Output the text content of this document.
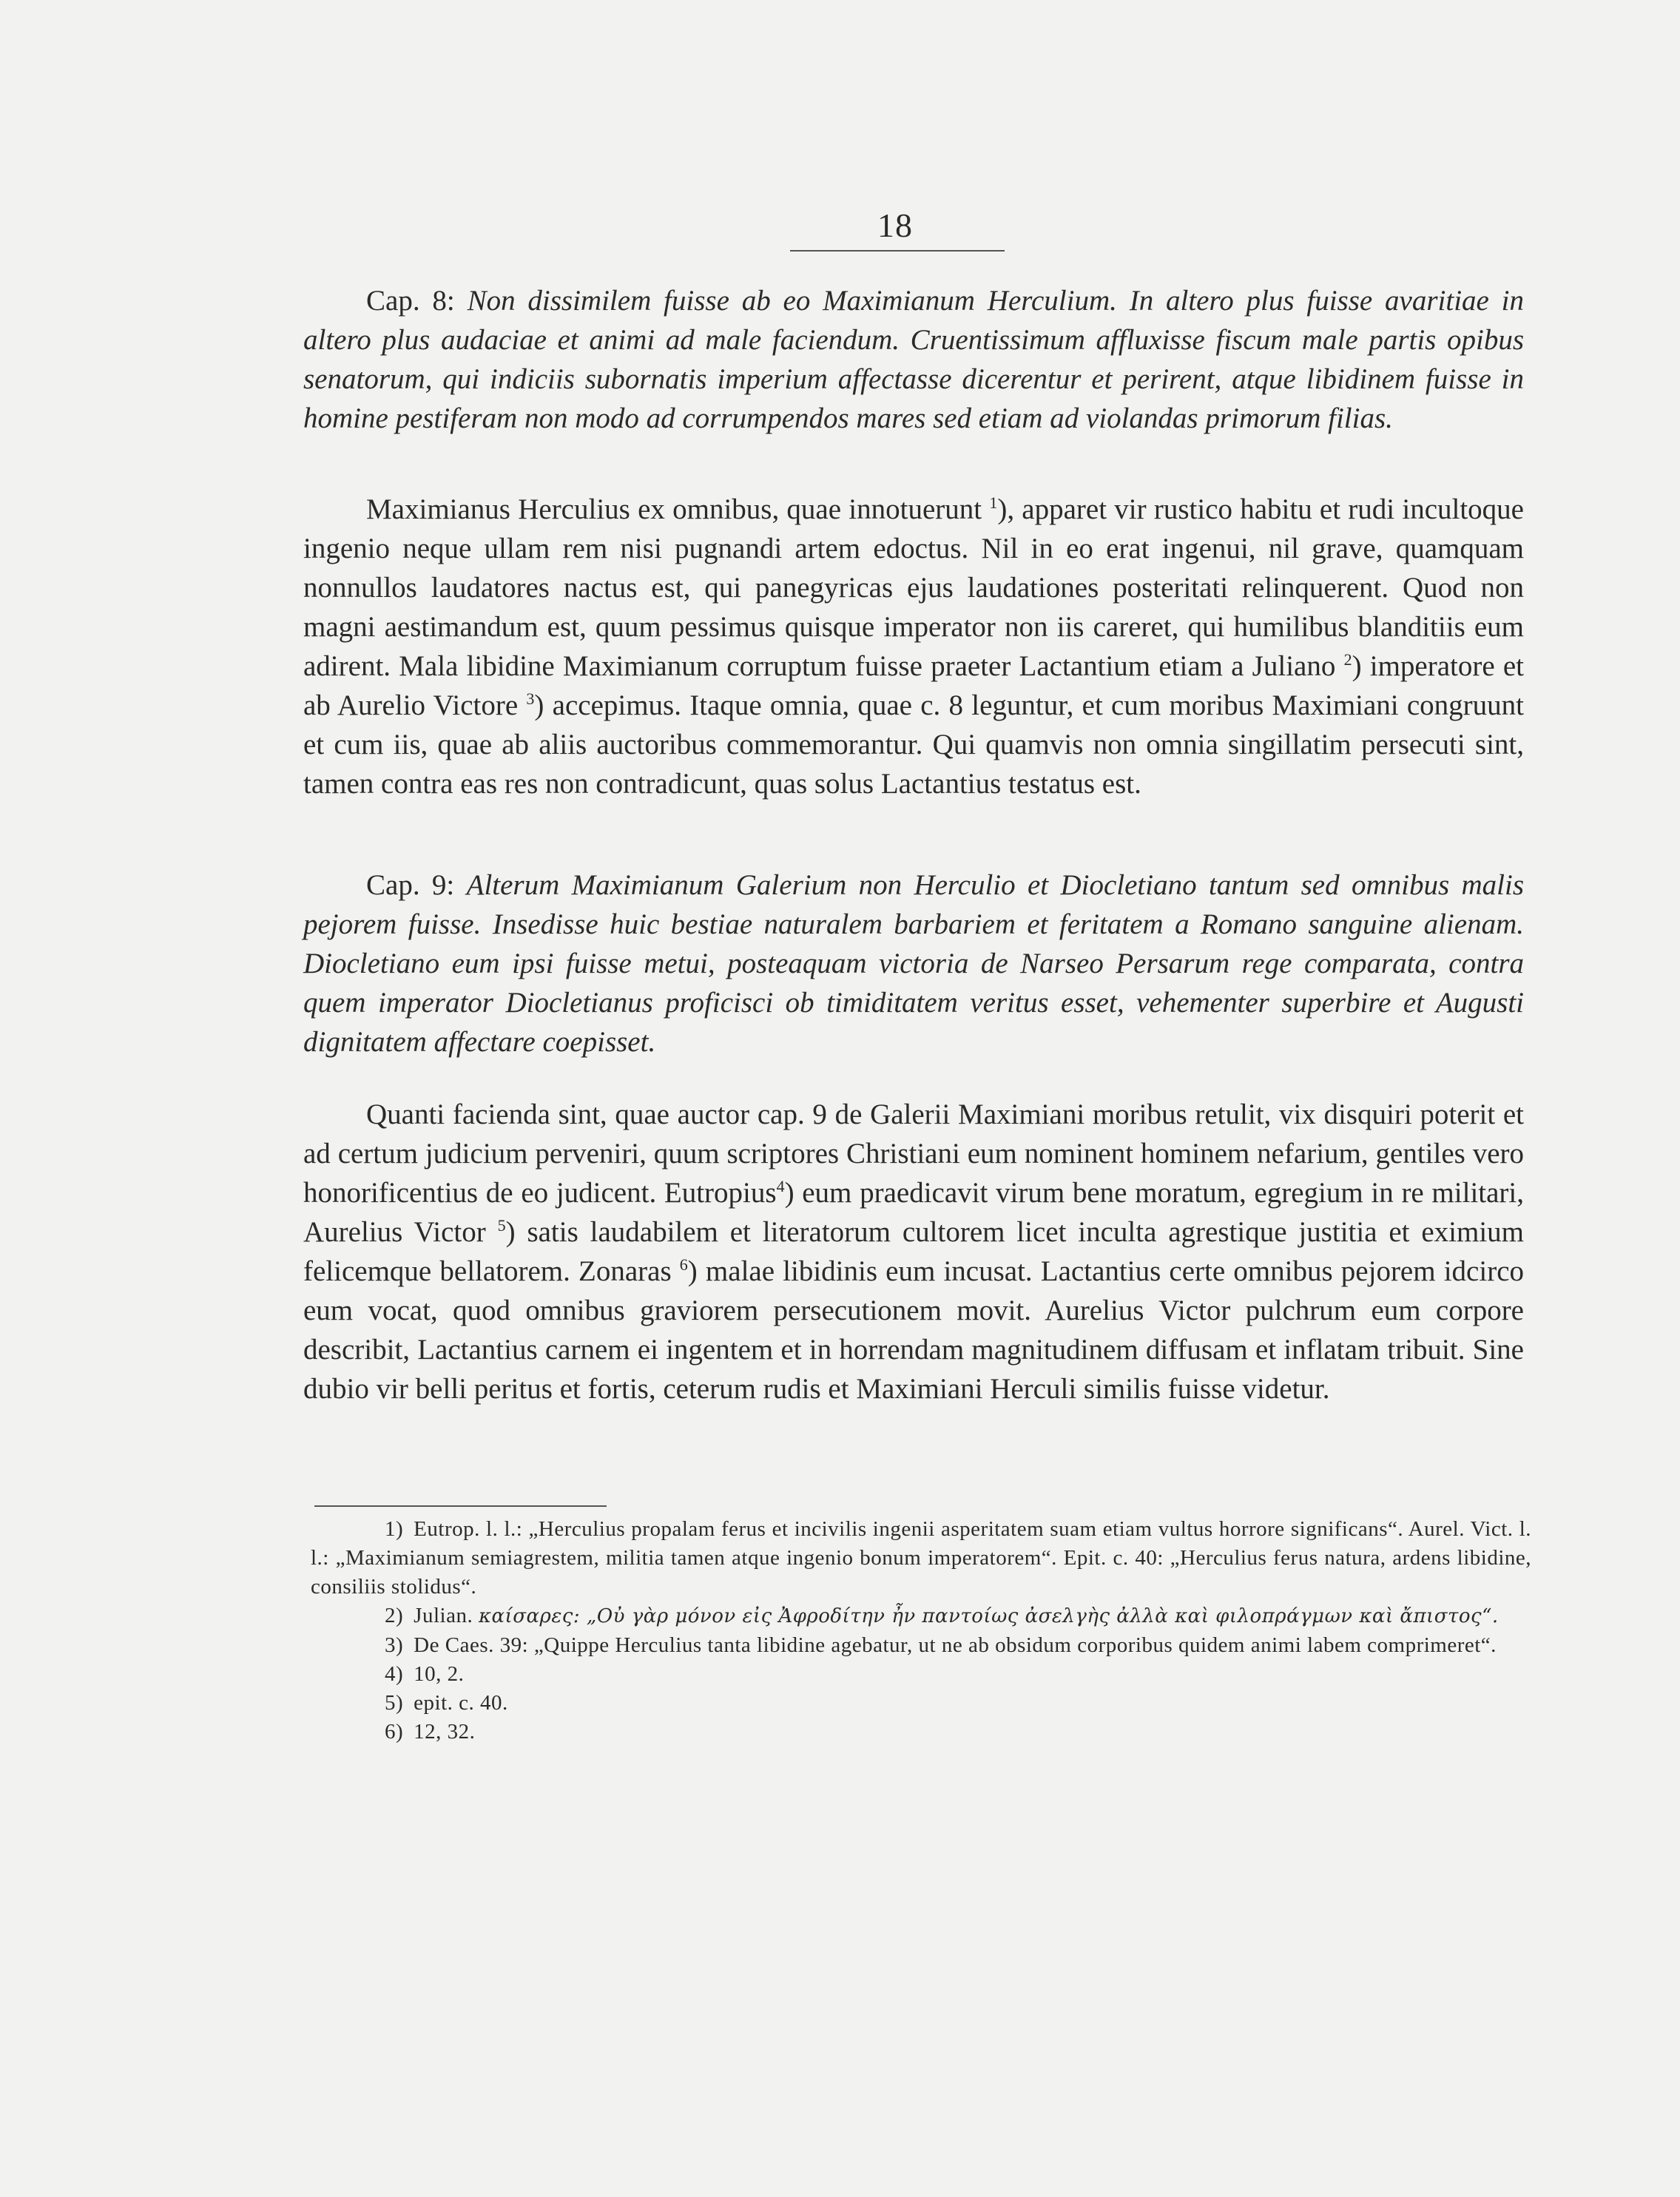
18

Cap. 8: Non dissimilem fuisse ab eo Maximianum Herculium. In altero plus fuisse avaritiae in altero plus audaciae et animi ad male faciendum. Cruentissimum affluxisse fiscum male partis opibus senatorum, qui indiciis subornatis imperium affectasse dicerentur et perirent, atque libidinem fuisse in homine pestiferam non modo ad corrumpendos mares sed etiam ad violandas primorum filias.

Maximianus Herculius ex omnibus, quae innotuerunt $^1$), apparet vir rustico habitu et rudi incultoque ingenio neque ullam rem nisi pugnandi artem edoctus. Nil in eo erat ingenui, nil grave, quamquam nonnullos laudatores nactus est, qui panegyricas ejus laudationes posteritati relinquerent. Quod non magni aestimandum est, quum pessimus quisque imperator non iis careret, qui humilibus blanditiis eum adirent. Mala libidine Maximianum corruptum fuisse praeter Lactantium etiam a Juliano $^2$) imperatore et ab Aurelio Victore $^3$) accepimus. Itaque omnia, quae c. 8 leguntur, et cum moribus Maximiani congruunt et cum iis, quae ab aliis auctoribus commemorantur. Qui quamvis non omnia singillatim persecuti sint, tamen contra eas res non contradicunt, quas solus Lactantius testatus est.

Cap. 9: Alterum Maximianum Galerium non Herculio et Diocletiano tantum sed omnibus malis pejorem fuisse. Insedisse huic bestiae naturalem barbariem et feritatem a Romano sanguine alienam. Diocletiano eum ipsi fuisse metui, posteaquam victoria de Narseo Persarum rege comparata, contra quem imperator Diocletianus proficisci ob timiditatem veritus esset, vehementer superbire et Augusti dignitatem affectare coepisset.

Quanti facienda sint, quae auctor cap. 9 de Galerii Maximiani moribus retulit, vix disquiri poterit et ad certum judicium perveniri, quum scriptores Christiani eum nominent hominem nefarium, gentiles vero honorificentius de eo judicent. Eutropius$^4$) eum praedicavit virum bene moratum, egregium in re militari, Aurelius Victor $^5$) satis laudabilem et literatorum cultorem licet inculta agrestique justitia et eximium felicemque bellatorem. Zonaras $^6$) malae libidinis eum incusat. Lactantius certe omnibus pejorem idcirco eum vocat, quod omnibus graviorem persecutionem movit. Aurelius Victor pulchrum eum corpore describit, Lactantius carnem ei ingentem et in horrendam magnitudinem diffusam et inflatam tribuit. Sine dubio vir belli peritus et fortis, ceterum rudis et Maximiani Herculi similis fuisse videtur.

1) Eutrop. l. l.: „Herculius propalam ferus et incivilis ingenii asperitatem suam etiam vultus horrore significans“. Aurel. Vict. l. l.: „Maximianum semiagrestem, militia tamen atque ingenio bonum imperatorem“. Epit. c. 40: „Herculius ferus natura, ardens libidine, consiliis stolidus“.

2) Julian. καίσαρες: „Οὐ γὰρ μόνον εἰς Ἀφροδίτην ἦν παντοίως ἀσελγὴς ἀλλὰ καὶ φιλοπράγμων καὶ ἄπιστος“.

3) De Caes. 39: „Quippe Herculius tanta libidine agebatur, ut ne ab obsidum corporibus quidem animi labem comprimeret“.

4) 10, 2.

5) epit. c. 40.

6) 12, 32.
